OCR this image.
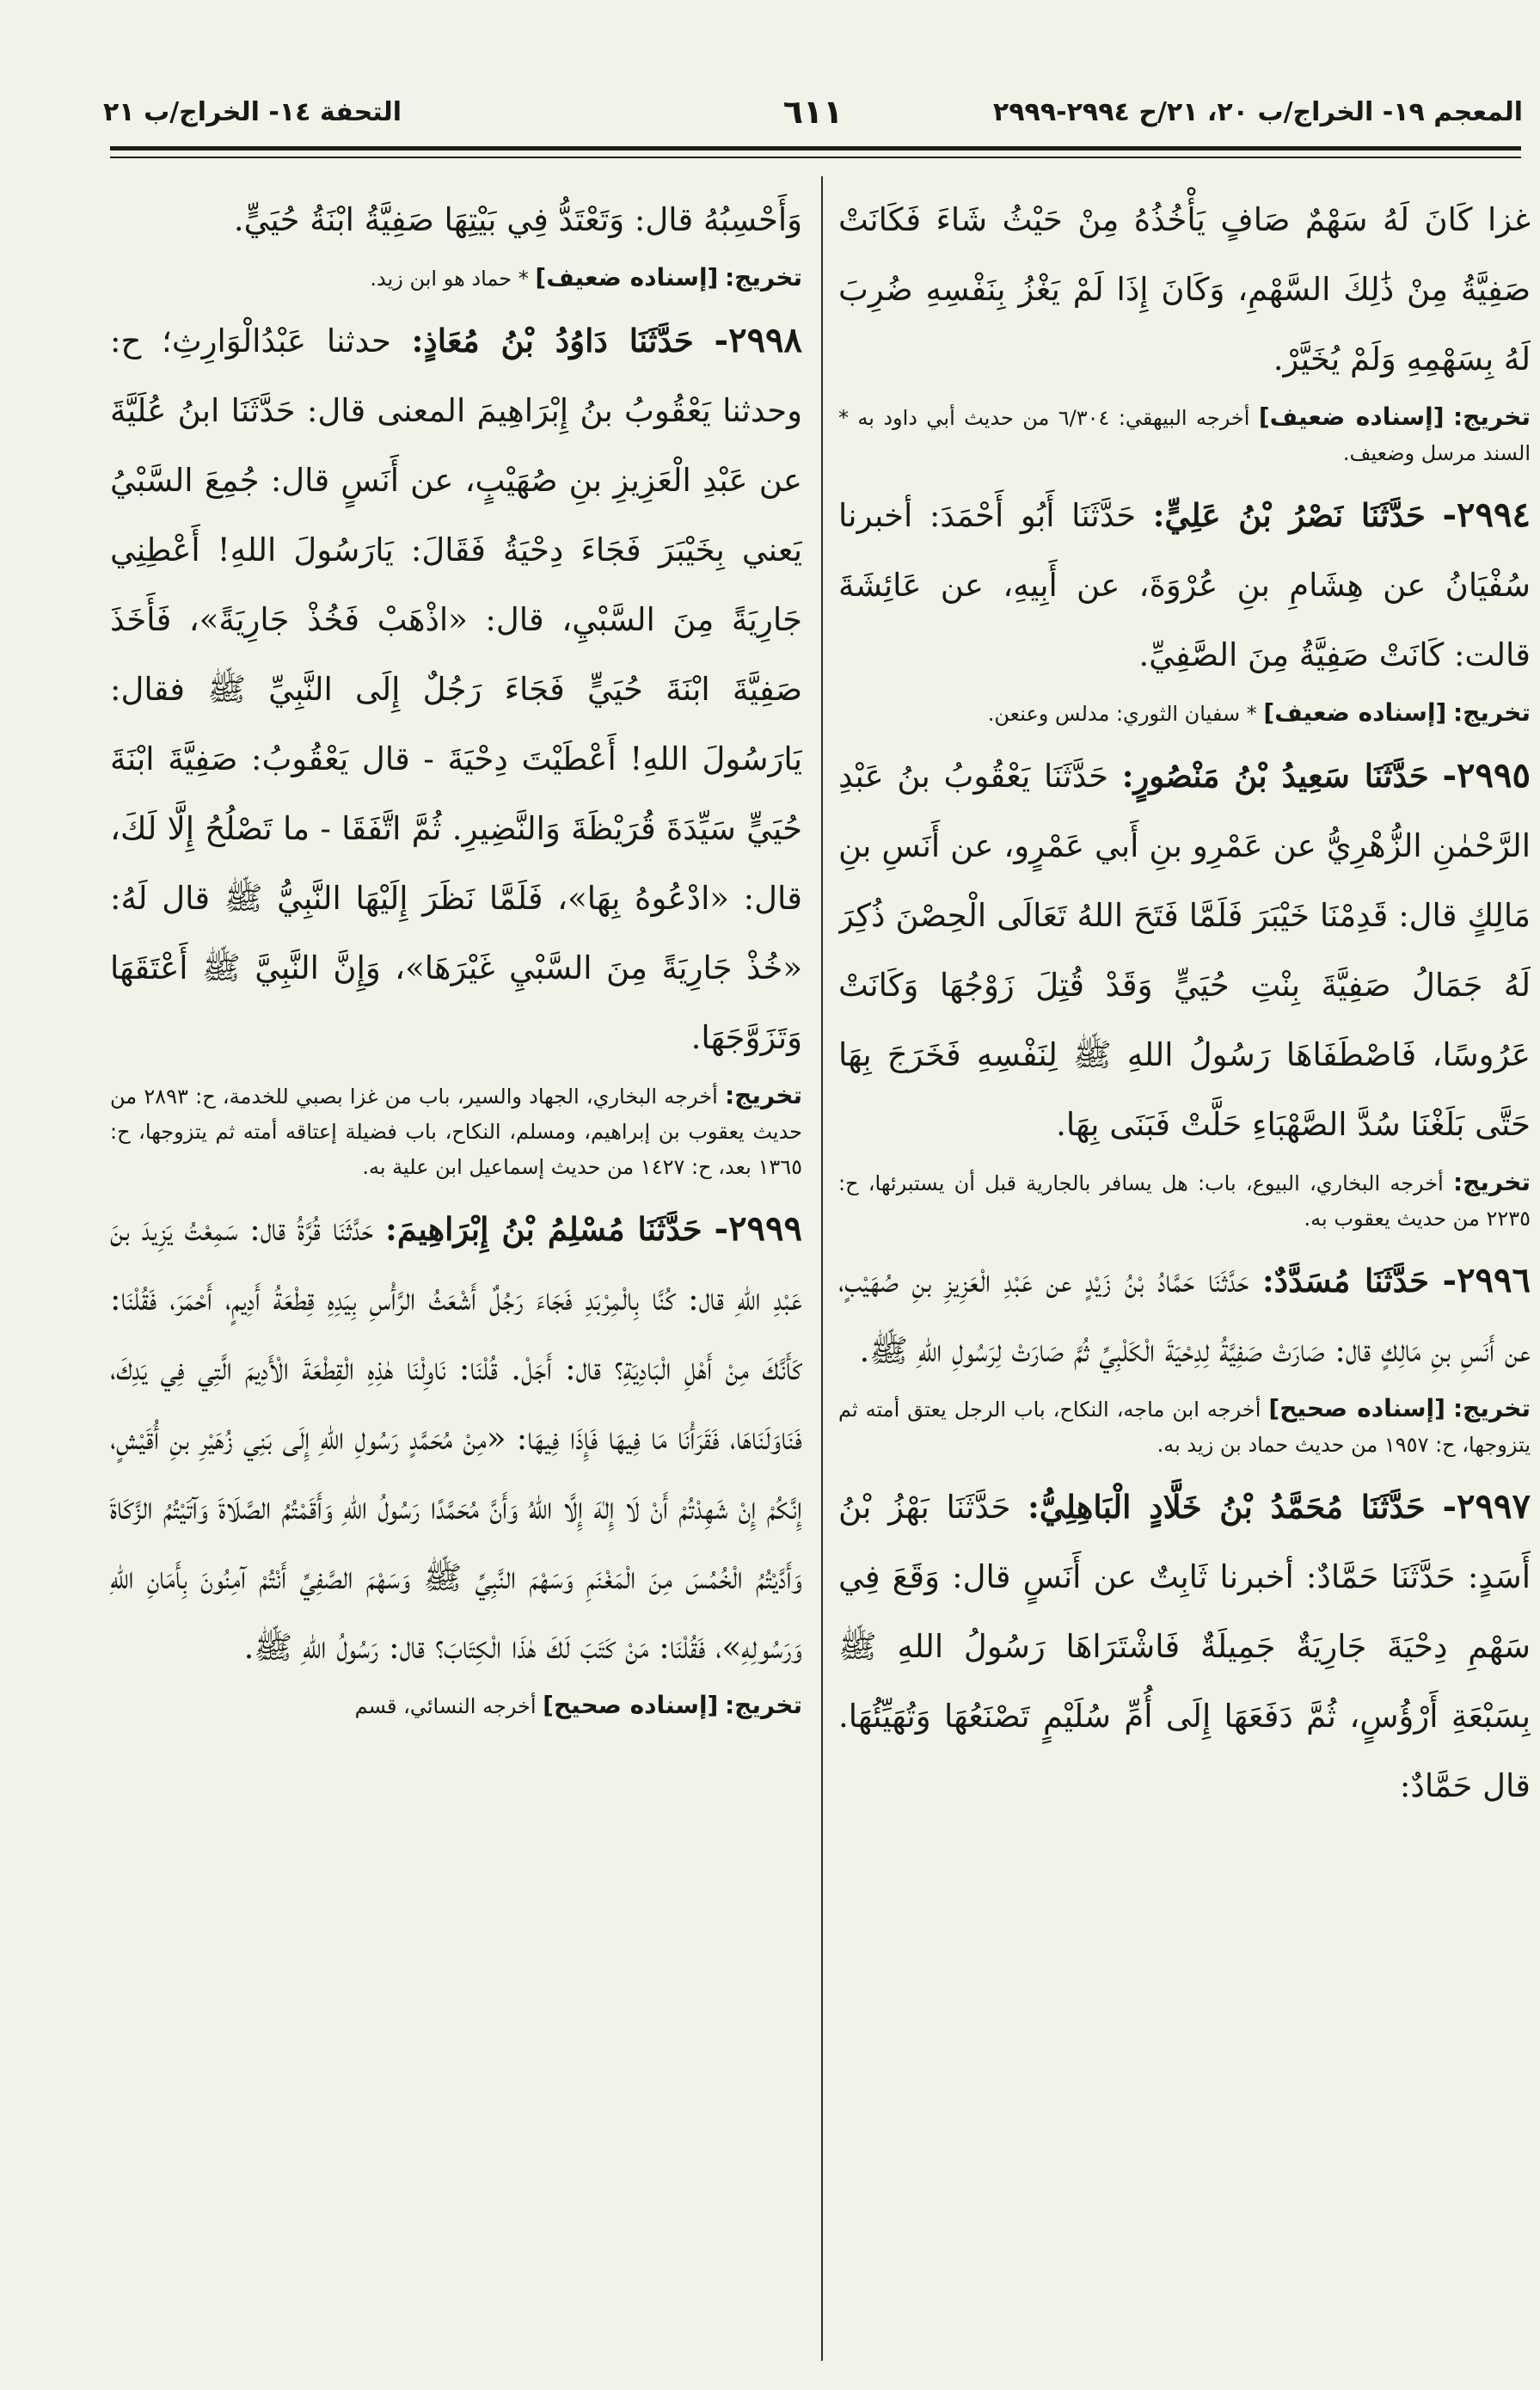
المعجم ١٩- الخراج/ب ٢٠، ٢١/ح ٢٩٩٤-٢٩٩٩
٦١١
التحفة ١٤- الخراج/ب ٢١

غزا كَانَ لَهُ سَهْمٌ صَافٍ يَأْخُذُهُ مِنْ حَيْثُ شَاءَ فَكَانَتْ صَفِيَّةُ مِنْ ذَٰلِكَ السَّهْمِ، وَكَانَ إِذَا لَمْ يَغْزُ بِنَفْسِهِ ضُرِبَ لَهُ بِسَهْمِهِ وَلَمْ يُخَيَّرْ.

تخريج: [إسناده ضعيف] أخرجه البيهقي: ٦/٣٠٤ من حديث أبي داود به * السند مرسل وضعيف.

٢٩٩٤- حَدَّثَنَا نَصْرُ بْنُ عَلِيٍّ: حَدَّثَنَا أَبُو أَحْمَدَ: أخبرنا سُفْيَانُ عن هِشَامِ بنِ عُرْوَةَ، عن أَبِيهِ، عن عَائِشَةَ قالت: كَانَتْ صَفِيَّةُ مِنَ الصَّفِيِّ.

تخريج: [إسناده ضعيف] * سفيان الثوري: مدلس وعنعن.

٢٩٩٥- حَدَّثَنَا سَعِيدُ بْنُ مَنْصُورٍ: حَدَّثَنَا يَعْقُوبُ بنُ عَبْدِ الرَّحْمٰنِ الزُّهْرِيُّ عن عَمْرِو بنِ أَبي عَمْرٍو، عن أَنَسِ بنِ مَالِكٍ قال: قَدِمْنَا خَيْبَرَ فَلَمَّا فَتَحَ اللهُ تَعَالَى الْحِصْنَ ذُكِرَ لَهُ جَمَالُ صَفِيَّةَ بِنْتِ حُيَيٍّ وَقَدْ قُتِلَ زَوْجُهَا وَكَانَتْ عَرُوسًا، فَاصْطَفَاهَا رَسُولُ اللهِ ﷺ لِنَفْسِهِ فَخَرَجَ بِهَا حَتَّى بَلَغْنَا سُدَّ الصَّهْبَاءِ حَلَّتْ فَبَنَى بِهَا.

تخريج: أخرجه البخاري، البيوع، باب: هل يسافر بالجارية قبل أن يستبرئها، ح: ٢٢٣٥ من حديث يعقوب به.

٢٩٩٦- حَدَّثَنَا مُسَدَّدٌ: حَدَّثَنَا حَمَّادُ بْنُ زَيْدٍ عن عَبْدِ الْعَزِيزِ بنِ صُهَيْبٍ، عن أَنَسِ بنِ مَالِكٍ قال: صَارَتْ صَفِيَّةُ لِدِحْيَةَ الْكَلْبِيِّ ثُمَّ صَارَتْ لِرَسُولِ اللهِ ﷺ.

تخريج: [إسناده صحيح] أخرجه ابن ماجه، النكاح، باب الرجل يعتق أمته ثم يتزوجها، ح: ١٩٥٧ من حديث حماد بن زيد به.

٢٩٩٧- حَدَّثَنَا مُحَمَّدُ بْنُ خَلَّادٍ الْبَاهِلِيُّ: حَدَّثَنَا بَهْزُ بْنُ أَسَدٍ: حَدَّثَنَا حَمَّادٌ: أخبرنا ثَابِتٌ عن أَنَسٍ قال: وَقَعَ فِي سَهْمِ دِحْيَةَ جَارِيَةٌ جَمِيلَةٌ فَاشْتَرَاهَا رَسُولُ اللهِ ﷺ بِسَبْعَةِ أَرْؤُسٍ، ثُمَّ دَفَعَهَا إِلَى أُمِّ سُلَيْمٍ تَصْنَعُهَا وَتُهَيِّئُهَا. قال حَمَّادٌ:

وَأَحْسِبُهُ قال: وَتَعْتَدُّ فِي بَيْتِهَا صَفِيَّةُ ابْنَةُ حُيَيٍّ.

تخريج: [إسناده ضعيف] * حماد هو ابن زيد.

٢٩٩٨- حَدَّثَنَا دَاوُدُ بْنُ مُعَاذٍ: حدثنا عَبْدُالْوَارِثِ؛ ح: وحدثنا يَعْقُوبُ بنُ إِبْرَاهِيمَ المعنى قال: حَدَّثَنَا ابنُ عُلَيَّةَ عن عَبْدِ الْعَزِيزِ بنِ صُهَيْبٍ، عن أَنَسٍ قال: جُمِعَ السَّبْيُ يَعني بِخَيْبَرَ فَجَاءَ دِحْيَةُ فَقَالَ: يَارَسُولَ اللهِ! أَعْطِنِي جَارِيَةً مِنَ السَّبْيِ، قال: «اذْهَبْ فَخُذْ جَارِيَةً»، فَأَخَذَ صَفِيَّةَ ابْنَةَ حُيَيٍّ فَجَاءَ رَجُلٌ إِلَى النَّبِيِّ ﷺ فقال: يَارَسُولَ اللهِ! أَعْطَيْتَ دِحْيَةَ - قال يَعْقُوبُ: صَفِيَّةَ ابْنَةَ حُيَيٍّ سَيِّدَةَ قُرَيْظَةَ وَالنَّضِيرِ. ثُمَّ اتَّفَقَا - ما تَصْلُحُ إِلَّا لَكَ، قال: «ادْعُوهُ بِهَا»، فَلَمَّا نَظَرَ إِلَيْهَا النَّبِيُّ ﷺ قال لَهُ: «خُذْ جَارِيَةً مِنَ السَّبْيِ غَيْرَهَا»، وَإِنَّ النَّبِيَّ ﷺ أَعْتَقَهَا وَتَزَوَّجَهَا.

تخريج: أخرجه البخاري، الجهاد والسير، باب من غزا بصبي للخدمة، ح: ٢٨٩٣ من حديث يعقوب بن إبراهيم، ومسلم، النكاح، باب فضيلة إعتاقه أمته ثم يتزوجها، ح: ١٣٦٥ بعد، ح: ١٤٢٧ من حديث إسماعيل ابن علية به.

٢٩٩٩- حَدَّثَنَا مُسْلِمُ بْنُ إِبْرَاهِيمَ: حَدَّثَنَا قُرَّةُ قال: سَمِعْتُ يَزِيدَ بنَ عَبْدِ اللهِ قال: كُنَّا بِالْمِرْبَدِ فَجَاءَ رَجُلٌ أَشْعَثُ الرَّأْسِ بِيَدِهِ قِطْعَةُ أَدِيمٍ، أَحْمَرَ، فَقُلْنَا: كَأَنَّكَ مِنْ أَهْلِ الْبَادِيَةِ؟ قال: أَجَلْ. قُلْنَا: نَاوِلْنَا هٰذِهِ الْقِطْعَةَ الْأَدِيمَ الَّتِي فِي يَدِكَ، فَنَاوَلَنَاهَا، فَقَرَأْنَا مَا فِيهَا فَإِذَا فِيهَا: «مِنْ مُحَمَّدٍ رَسُولِ اللهِ إِلَى بَنِي زُهَيْرِ بنِ أُقَيْشٍ، إِنَّكُمْ إِنْ شَهِدْتُمْ أَنْ لَا إِلٰهَ إِلَّا اللهُ وَأَنَّ مُحَمَّدًا رَسُولُ اللهِ وَأَقَمْتُمُ الصَّلَاةَ وَآتَيْتُمُ الزَّكَاةَ وَأَدَّيْتُمُ الْخُمُسَ مِنَ الْمَغْنَمِ وَسَهْمَ النَّبِيِّ ﷺ وَسَهْمَ الصَّفِيِّ أَنْتُمْ آمِنُونَ بِأَمَانِ اللهِ وَرَسُولِهِ»، فَقُلْنَا: مَنْ كَتَبَ لَكَ هٰذَا الْكِتَابَ؟ قال: رَسُولُ اللهِ ﷺ.

تخريج: [إسناده صحيح] أخرجه النسائي، قسم
